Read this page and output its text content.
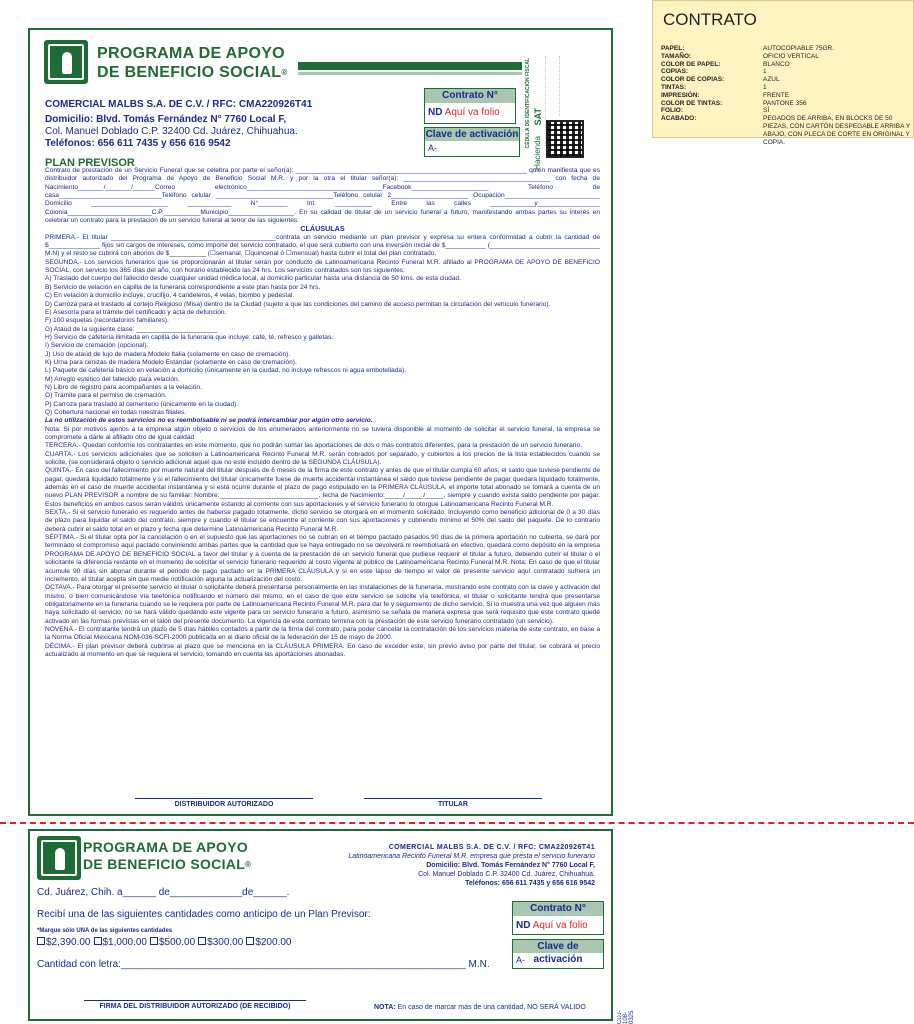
PROGRAMA DE APOYO
DE BENEFICIO SOCIAL®
COMERCIAL MALBS S.A. DE C.V. / RFC: CMA220926T41
Domicilio: Blvd. Tomás Fernández N° 7760 Local F,
Col. Manuel Doblado C.P. 32400 Cd. Juárez, Chihuahua.
Teléfonos: 656 611 7435 y 656 616 9542
Contrato N°
ND Aquí va folio
Clave de activación
A-	CÉDULA DE IDENTIFICACIÓN FISCAL SAT
Hacienda
PLAN PREVISOR

Contrato de prestación de un Servicio Funeral que se celebra por parte el señor(a): _______________________________________________________________ quién manifiesta que es distribuidor autorizado del Programa de Apoyo de Beneficio Social M.R. y por la otra el titular señor(a): ________________________________________ con fecha de Nacimiento_______/_______/______Correo electrónico_____________________________________Facebook_____________________ Teléfono de casa____________________________Teléfono celular ________________________________Teléfono celular 2_____________________ Ocupación__________________________ Domicilio _____________________ ____________ N°________ Int. __________ Entre las calles ____________y_________________ Colonia_______________________C.P.__________Municipio__________________. En su calidad de titular de un servicio funeral a futuro, manifestando ambas partes su interés en celebrar un contrato para la prestación de un servicio funeral al tenor de las siguientes:

CLÁUSULAS

PRIMERA.- El titular _____________________________________________contrata un servicio mediante un plan previsor y expresa su entera conformidad a cubrir la cantidad de $______________ fijos sin cargos de intereses, como importe del servicio contratado, el que será cubierto con una inversión inicial de $___________ (______________________________ M.N) y el resto se cubrirá con abonos de $__________ (☐semanal, ☐quincenal ó ☐mensual) hasta cubrir el total del plan contratado.

SEGUNDA.- Los servicios funerarios que se proporcionarán al titular serán por conducto de Latinoamericana Recinto Funeral M.R. afiliado al PROGRAMA DE APOYO DE BENEFICIO SOCIAL, con servicio los 365 días del año, con horario establecido las 24 hrs. Los servicios contratados son los siguientes:

A) Traslado del cuerpo del fallecido desde cualquier unidad médica local, al domicilio particular hasta una distancia de 50 kms. de esta ciudad.

B) Servicio de velación en capilla de la funeraria correspondiente a este plan hasta por 24 hrs.

C) En velación a domicilio incluye; crucifijo, 4 candeleros, 4 velas, biombo y pedestal.

D) Carroza para el traslado al cortejo Religioso (Misa) dentro de la Ciudad (sujeto a que las condiciones del camino de acceso permitan la circulación del vehículo funerario).

E) Asesoría para el trámite del certificado y acta de defunción.

F) 100 esquelas (recordatorios familiares).

G) Ataúd de la siguiente clase: ______________________

H) Servicio de cafetería ilimitada en capilla de la funeraria que incluye: café, té, refresco y galletas.

I) Servicio de cremación (opcional).

J) Uso de ataúd de lujo de madera Modelo Italia (solamente en caso de cremación).

K) Urna para cenizas de madera Modelo Estándar (solamente en caso de cremación).

L) Paquete de cafetería básico en velación a domicilio (únicamente en la ciudad, no incluye refrescos ni agua embotellada).

M) Arreglo estético del fallecido para velación.

N) Libro de registro para acompañantes a la velación.

O) Trámite para el permiso de cremación.

P) Carroza para traslado al cementerio (únicamente en la ciudad).

Q) Cobertura nacional en todas nuestras filiales.

La no utilización de estos servicios no es reembolsable ni se podrá intercambiar por algún otro servicio.

Nota: Si por motivos ajenos a la empresa algún objeto o servicios de los enumerados anteriormente no se tuviera disponible al momento de solicitar el servicio funeral, la empresa se compromete a darle al afiliado otro de igual calidad

TERCERA.- Quedan conforme los contratantes en este momento, que no podrán sumar las aportaciones de dos o más contratos diferentes, para la prestación de un servicio funerario.

CUARTA.- Los servicios adicionales que se soliciten a Latinoamericana Recinto Funeral M.R. serán cobrados por separado, y cubiertos a los precios de la lista establecidos cuando se solicite, (se considerará objeto o servicio adicional aquel que no esté incluido dentro de la SEGUNDA CLÁUSULA).

QUINTA.- En caso del fallecimiento por muerte natural del titular después de 6 meses de la firma de este contrato y antes de que el titular cumpla 60 años, el saldo que tuviese pendiente de pagar, quedará liquidado totalmente y si el fallecimiento del titular únicamente fuese de muerte accidental instantánea el saldo que tuviese pendiente de pagar quedara liquidado totalmente, además en el caso de muerte accidental instantánea y si está ocurre durante el plazo de pago estipulado en la PRIMERA CLÁUSULA, el importe total abonado se tomará a cuenta de un nuevo PLAN PREVISOR a nombre de su familiar: Nombre:___________________________, fecha de Nacimiento:_____/_____/_____, siempre y cuando exista saldo pendiente por pagar. Estos beneficios en ambos casos serán válidos únicamente estando al corriente con sus aportaciones y el servicio funerario lo otorgue Latinoamericana Recinto Funeral M.R.

SEXTA.- Si el servicio funerario es requerido antes de haberse pagado totalmente, dicho servicio se otorgará en el momento solicitado. Incluyendo como beneficio adicional de 0 a 30 días de plazo para liquidar el saldo del contrato, siempre y cuando el titular se encuentre al corriente con sus aportaciones y cubriendo mínimo el 50% del saldo del paquete. De lo contrario deberá cubrir el saldo total en el plazo y fecha que determine Latinoamericana Recinto Funeral M.R.

SÉPTIMA.- Si el titular opta por la cancelación o en el supuesto que las aportaciones no se cubran en el tiempo pactado pasados 90 días de la primera aportación no cubierta, se dará por terminado el compromiso aquí pactado conviniendo ambas partes que la cantidad que se haya entregado no se devolverá ni reembolsará en efectivo, quedará como depósito en la empresa PROGRAMA DE APOYO DE BENEFICIO SOCIAL a favor del titular y a cuenta de la prestación de un servicio funeral que pudiese requerir el titular a futuro, debiendo cubrir el titular o el solicitante la diferencia restante en el momento de solicitar el servicio funerario requerido al costo vigente al público de Latinoamericana Recinto Funeral M.R. Nota: En caso de que el titular acumule 90 días sin abonar durante el periodo de pago pactado en la PRIMERA CLÁUSULA y si en este lapso de tiempo el valor de presente servicio aquí contratado sufriera un incremento, el titular acepta sin que medie notificación alguna la actualización del costo.

OCTAVA.- Para otorgar el presente servicio el titular o solicitante deberá presentarse personalmente en las instalaciones de la funeraria, mostrando este contrato con la clave y activación del mismo, o bien comunicándose vía telefónica notificando el número del mismo, en el caso de que este servicio se solicite vía telefónica, el titular o solicitante tendrá que presentarse obligatoriamente en la funeraria cuando se le requiera por parte de Latinoamericana Recinto Funeral M.R. para dar fe y seguimiento de dicho servicio. Si lo muestra una vez que alguien más haya solicitado el servicio, no se hará válido quedando este vigente para un servicio funerario a futuro, asimismo se señala de manera expresa que será requisito que este contrato quedé activado en las formas previstas en el talón del presente documento. La vigencia de este contrato termina con la prestación de este servicio funerario contratado (un servicio).

NOVENA.- El contratante tendrá un plazo de 5 días hábiles contados a partir de la firma del contrato, para poder cancelar la contratación de los servicios materia de este contrato, en base a la Norma Oficial Mexicana NOM-036-SCFI-2000 publicada en el diario oficial de la federación del 15 de mayo de 2000.

DÉCIMA.- El plan previsor deberá cubrirse al plazo que se menciona en la CLÁUSULA PRIMERA. En caso de exceder este, sin previo aviso por parte del titular, se cobrará el precio actualizado al momento en que se requiera el servicio, tomando en cuenta las aportaciones abonadas.

DISTRIBUIDOR AUTORIZADO	TITULAR
PROGRAMA DE APOYO
DE BENEFICIO SOCIAL®
COMERCIAL MALBS S.A. DE C.V. / RFC: CMA220926T41
Latinoamericana Recinto Funeral M.R. empresa que presta el servicio funerario
Domicilio: Blvd. Tomás Fernández N° 7760 Local F,
Col. Manuel Doblado C.P. 32400 Cd. Juárez, Chihuahua.
Teléfonos: 656 611 7435 y 656 616 9542
Cd. Juárez, Chih. a______ de_____________de______.
Recibí una de las siguientes cantidades como anticipo de un Plan Previsor:
*Marque sólo UNA de las siguientes cantidades
$2,390.00 $1,000.00 $500.00 $300.00 $200.00
Cantidad con letra:______________________________________________________________ M.N.
Contrato N°
ND Aquí va folio
Clave de activación
A-
FIRMA DEL DISTRIBUIDOR AUTORIZADO (DE RECIBIDO)	NOTA: En caso de marcar más de una cantidad, NO SERÁ VALIDO
CDJ-108-0325
CONTRATO
PAPEL:	AUTOCOPIABLE 75GR.
TAMAÑO:	OFICIO VERTICAL
COLOR DE PAPEL:	BLANCO
COPIAS:	1
COLOR DE COPIAS:	AZUL
TINTAS:	1
IMPRESIÓN:	FRENTE
COLOR DE TINTAS:	PANTONE 356
FOLIO:	SÍ
ACABADO:	PEGADOS DE ARRIBA, EN BLOCKS DE 50 PIEZAS, CON CARTÓN DESPEGABLE ARRIBA Y ABAJO, CON PLECA DE CORTE EN ORIGINAL Y COPIA.
